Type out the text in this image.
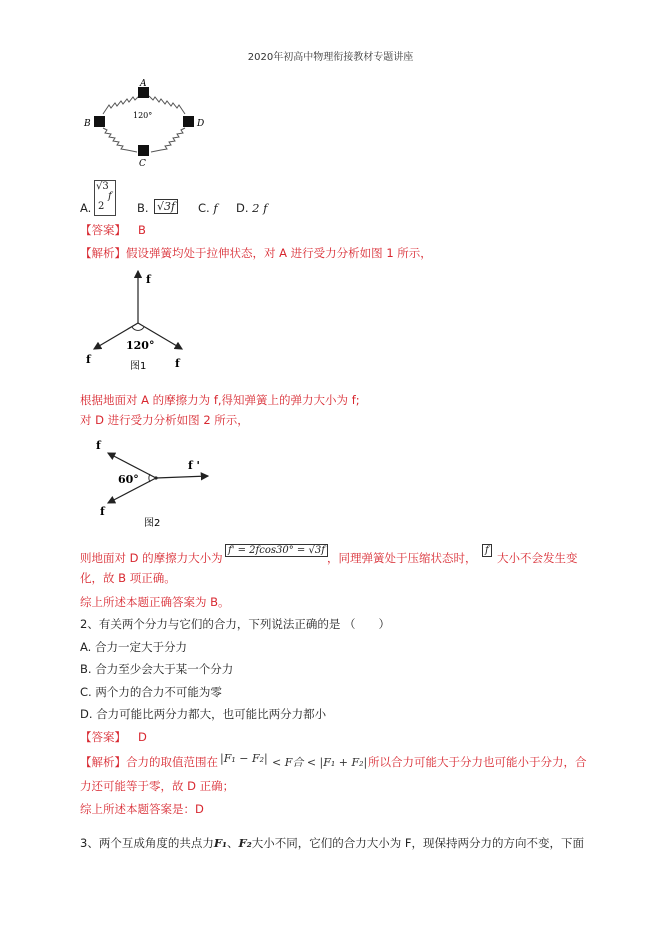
2020年初高中物理衔接教材专题讲座
A
B	D
C
120°
A.
√3
f
2	B. √3f C. f D. 2 f
【答案】 B
【解析】假设弹簧均处于拉伸状态，对 A 进行受力分析如图 1 所示，
f
f	f
120°
图1
根据地面对 A 的摩擦力为 f,得知弹簧上的弹力大小为 f;
对 D 进行受力分析如图 2 所示，
f
f
f '
60°
图2
则地面对 D 的摩擦力大小为
f' = 2fcos30° = √3f
，同理弹簧处于压缩状态时，
f
大小不会发生变
化，故 B 项正确。
综上所述本题正确答案为 B。
2、有关两个分力与它们的合力，下列说法正确的是 （　　）
A. 合力一定大于分力
B. 合力至少会大于某一个分力
C. 两个力的合力不可能为零
D. 合力可能比两分力都大，也可能比两分力都小
【答案】 D
【解析】合力的取值范围在 |F₁ − F₂| < F合 < |F₁ + F₂| 所以合力可能大于分力也可能小于分力，合
力还可能等于零，故 D 正确；
综上所述本题答案是：D
3、两个互成角度的共点力F₁、F₂大小不同，它们的合力大小为 F，现保持两分力的方向不变，下面
